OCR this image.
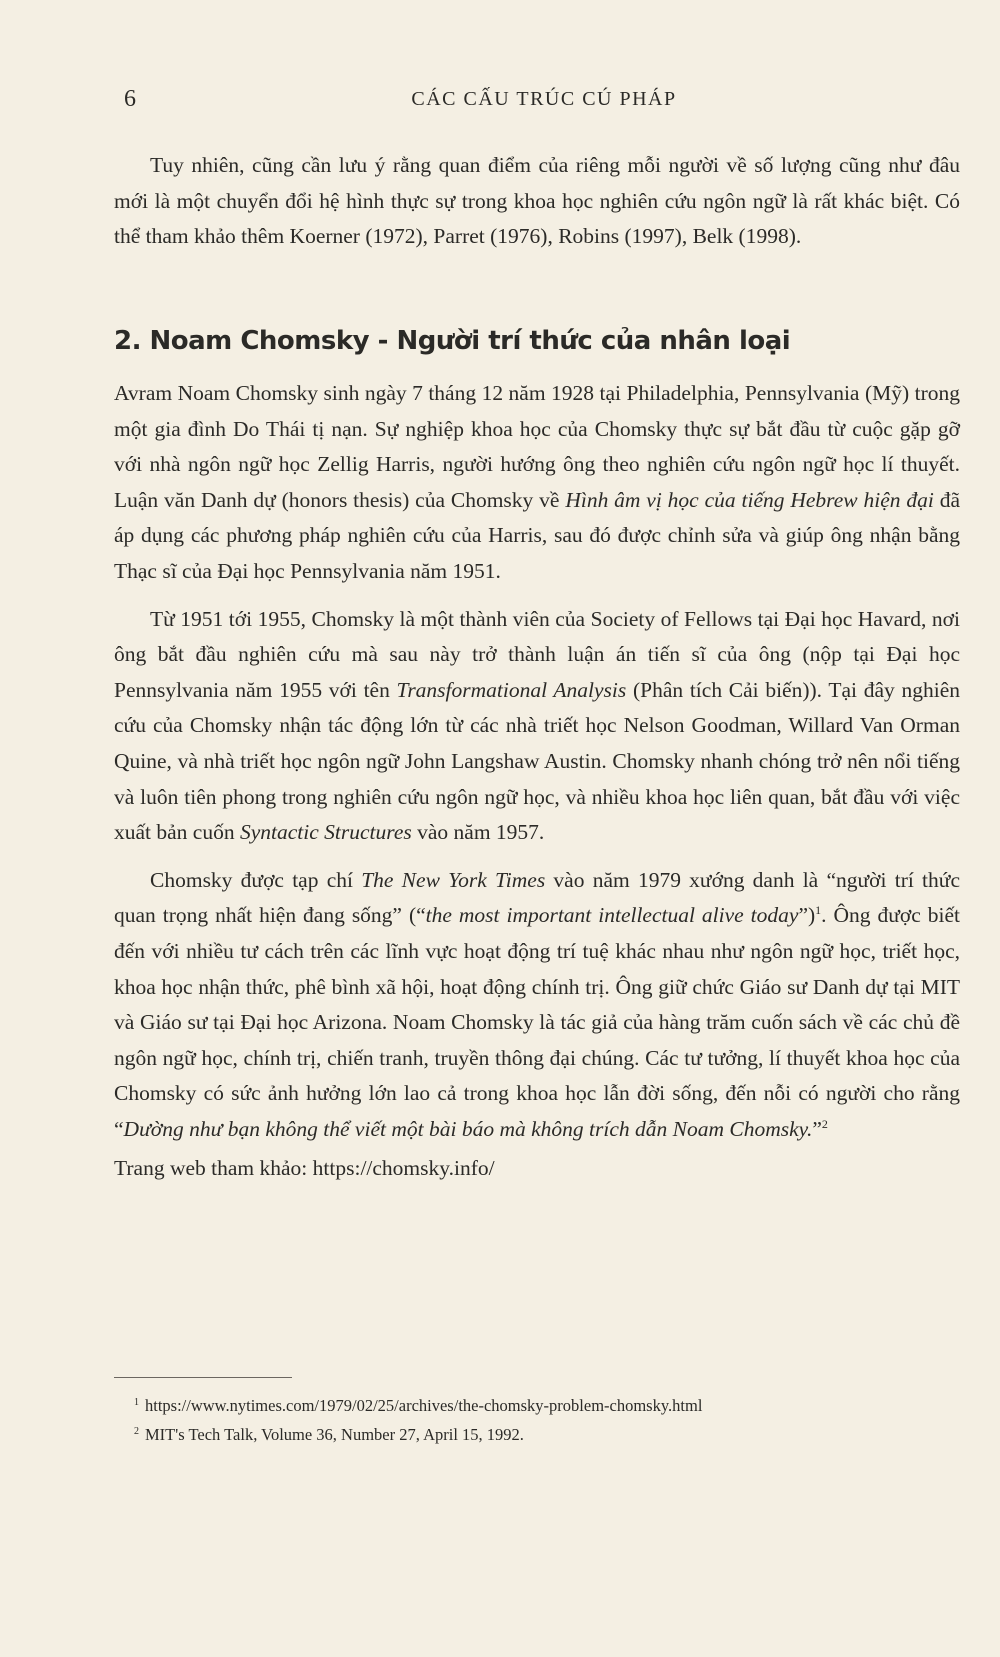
6	CÁC CẤU TRÚC CÚ PHÁP

Tuy nhiên, cũng cần lưu ý rằng quan điểm của riêng mỗi người về số lượng cũng như đâu mới là một chuyển đổi hệ hình thực sự trong khoa học nghiên cứu ngôn ngữ là rất khác biệt. Có thể tham khảo thêm Koerner (1972), Parret (1976), Robins (1997), Belk (1998).

2. Noam Chomsky - Người trí thức của nhân loại

Avram Noam Chomsky sinh ngày 7 tháng 12 năm 1928 tại Philadelphia, Pennsylvania (Mỹ) trong một gia đình Do Thái tị nạn. Sự nghiệp khoa học của Chomsky thực sự bắt đầu từ cuộc gặp gỡ với nhà ngôn ngữ học Zellig Harris, người hướng ông theo nghiên cứu ngôn ngữ học lí thuyết. Luận văn Danh dự (honors thesis) của Chomsky về Hình âm vị học của tiếng Hebrew hiện đại đã áp dụng các phương pháp nghiên cứu của Harris, sau đó được chỉnh sửa và giúp ông nhận bằng Thạc sĩ của Đại học Pennsylvania năm 1951.

Từ 1951 tới 1955, Chomsky là một thành viên của Society of Fellows tại Đại học Havard, nơi ông bắt đầu nghiên cứu mà sau này trở thành luận án tiến sĩ của ông (nộp tại Đại học Pennsylvania năm 1955 với tên Transformational Analysis (Phân tích Cải biến)). Tại đây nghiên cứu của Chomsky nhận tác động lớn từ các nhà triết học Nelson Goodman, Willard Van Orman Quine, và nhà triết học ngôn ngữ John Langshaw Austin. Chomsky nhanh chóng trở nên nổi tiếng và luôn tiên phong trong nghiên cứu ngôn ngữ học, và nhiều khoa học liên quan, bắt đầu với việc xuất bản cuốn Syntactic Structures vào năm 1957.

Chomsky được tạp chí The New York Times vào năm 1979 xướng danh là “người trí thức quan trọng nhất hiện đang sống” (“the most important intellectual alive today”)$^1$. Ông được biết đến với nhiều tư cách trên các lĩnh vực hoạt động trí tuệ khác nhau như ngôn ngữ học, triết học, khoa học nhận thức, phê bình xã hội, hoạt động chính trị. Ông giữ chức Giáo sư Danh dự tại MIT và Giáo sư tại Đại học Arizona. Noam Chomsky là tác giả của hàng trăm cuốn sách về các chủ đề ngôn ngữ học, chính trị, chiến tranh, truyền thông đại chúng. Các tư tưởng, lí thuyết khoa học của Chomsky có sức ảnh hưởng lớn lao cả trong khoa học lẫn đời sống, đến nỗi có người cho rằng “Dường như bạn không thể viết một bài báo mà không trích dẫn Noam Chomsky.”$^2$

Trang web tham khảo: https://chomsky.info/

$^1$ https://www.nytimes.com/1979/02/25/archives/the-chomsky-problem-chomsky.html
$^2$ MIT's Tech Talk, Volume 36, Number 27, April 15, 1992.
